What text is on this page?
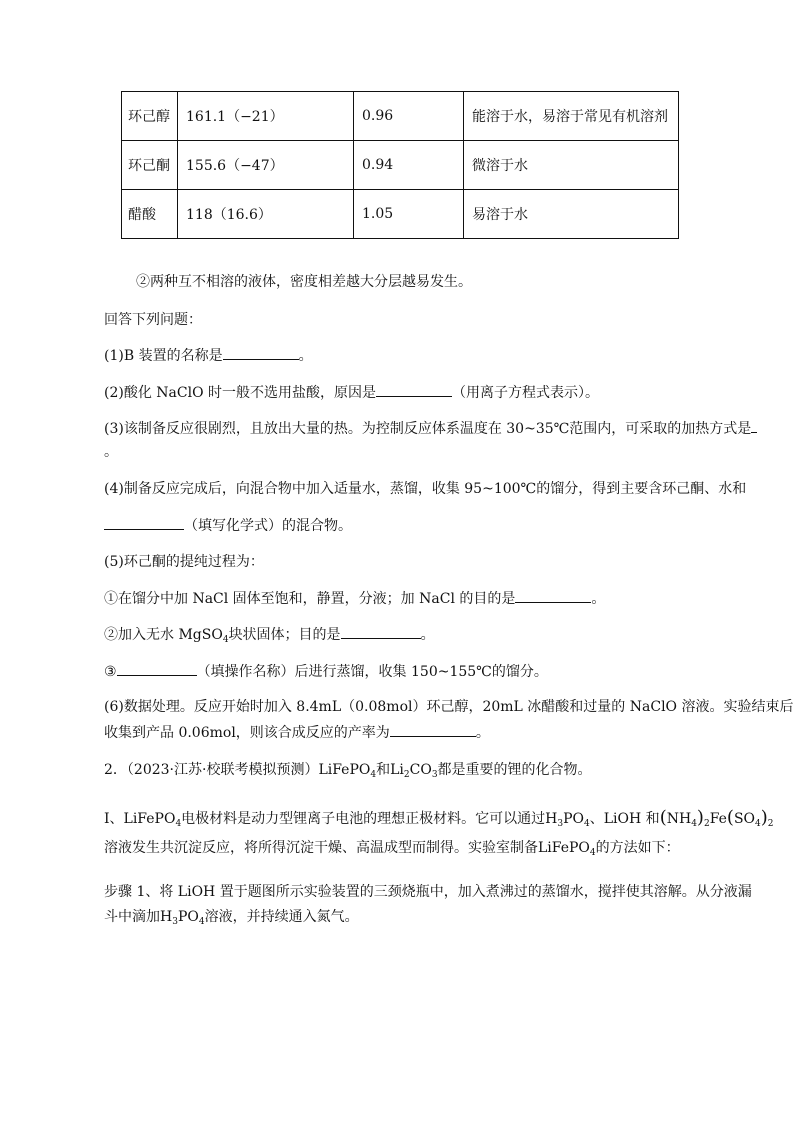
环己醇	161.1（−21）	0.96	能溶于水，易溶于常见有机溶剂
环己酮	155.6（−47）	0.94	微溶于水
醋酸	118（16.6）	1.05	易溶于水
②两种互不相溶的液体，密度相差越大分层越易发生。
回答下列问题：
(1)B 装置的名称是	。
(2)酸化 NaClO 时一般不选用盐酸，原因是	（用离子方程式表示）。
(3)该制备反应很剧烈，且放出大量的热。为控制反应体系温度在 30~35℃范围内，可采取的加热方式是
。
(4)制备反应完成后，向混合物中加入适量水，蒸馏，收集 95~100℃的馏分，得到主要含环己酮、水和
（填写化学式）的混合物。
(5)环己酮的提纯过程为：
①在馏分中加 NaCl 固体至饱和，静置，分液；加 NaCl 的目的是	。
②加入无水 MgSO$_4$块状固体；目的是	。
③	（填操作名称）后进行蒸馏，收集 150~155℃的馏分。
(6)数据处理。反应开始时加入 8.4mL（0.08mol）环己醇，20mL 冰醋酸和过量的 NaClO 溶液。实验结束后
收集到产品 0.06mol，则该合成反应的产率为	。
2．（2023·江苏·校联考模拟预测）LiFePO$_4$和$Li_2CO_3$都是重要的锂的化合物。
I、LiFePO$_4$电极材料是动力型锂离子电池的理想正极材料。它可以通过$H_3PO_4$、LiOH 和$(NH_4)_2Fe(SO_4)_2$
溶液发生共沉淀反应，将所得沉淀干燥、高温成型而制得。实验室制备LiFePO$_4$的方法如下：
步骤 1、将 LiOH 置于题图所示实验装置的三颈烧瓶中，加入煮沸过的蒸馏水，搅拌使其溶解。从分液漏
斗中滴加$H_3PO_4$溶液，并持续通入氮气。
